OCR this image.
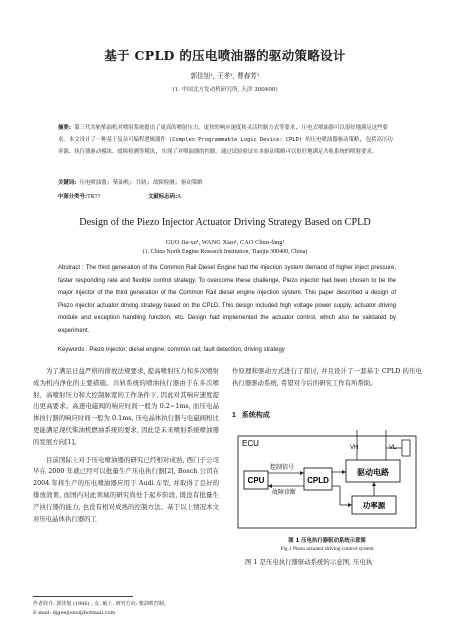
基于 CPLD 的压电喷油器的驱动策略设计
郭佳旭¹, 王孝¹, 曹春芳¹
(1. 中国北方发动机研究所, 天津 300400)
摘要: 第三代共轨柴油机对喷射系统提出了更高的喷射压力、更快的响应速度和灵活控制方式等要求, 压电式喷油器可以很好地满足这些要求。本文设计了一种基于复杂可编程逻辑器件 (Complex Programmable Logic Device: CPLD) 的压电喷油器驱动策略, 包括高压功率源、执行器驱动模块、故障检测等模块, 实现了对喷油器的控制。通过试验验证实本驱动策略可以很好地满足共轨系统的喷射要求。
关键词: 压电喷油器; 柴油机; 共轨; 故障检测; 驱动策略
中图分类号:TK??	文献标志码:A
Design of the Piezo Injector Actuator Driving Strategy Based on CPLD
GUO Jia-xu¹, WANG Xiao¹, CAO Chun-fang¹
(1. China North Engine Research Institution, Tianjin 300400, China)
Abstract : The third generation of the Common Rail Diesel Engine had the injection system demand of higher inject pressure, faster responding rate and flexible control strategy. To overcome these challenge, Piezo injector had been chosen to be the major injector of the third generation of the Common Rail diesel engine injection system. This paper described a design of Piezo injector actuator driving strategy based on the CPLD. This design included high voltage power supply, actuator driving module and exception handling function, etc. Design had implemented the actuator control, which also be validated by experiment.
Keywords : Piezo injector; diesel engine; common rail; fault detection; driving strategy

为了满足日益严格的排放法规要求, 提高喷射压力和多次喷射成为机内净化的主要措施。共轨系统的喷油执行器由于在多次喷射、高喷射压力和大控制脉宽的工作条件下, 因此对其响应速度提出更高要求。高速电磁阀的响应时间一般为 0.2~1ms, 而压电晶体执行器的响应时间一般为 0.1ms, 压电晶体执行器与电磁阀相比更能满足现代柴油机燃油系统的要求, 因此是未来喷射系统喷油器的发展方向[1]。

目前国际上对于压电喷油器的研究已经相对成熟, 西门子公司早在 2000 年就已经可以批量生产压电执行器[2], Bosch 公司在 2004 年将生产的压电喷油器应用于 Audi 车型, 并取得了良好的排放效果, 而国内对此领域的研究尚处于起步阶段, 既没有批量生产执行器的能力, 也没有相对成熟的控制方法。基于以上情况本文对压电晶体执行器的工

作原理和驱动方式进行了探讨, 并且设计了一套基于 CPLD 的压电执行器驱动系统, 希望对今后的研究工作有所帮助。

1 系统构成
ECU	VH	VL
CPU
控制信号
故障诊断
CPLD
驱动电路
功率源
图 1 压电执行器驱动系统示意图
Fig.1 Piezo actuator driving control system
图 1 是压电执行器驱动系统的示意图, 压电执
作者简介: 郭佳旭 (1986) , 女, 硕士, 研究方向: 柴油机控制。
E-mail: djgeejiuxu@hotmail.com
